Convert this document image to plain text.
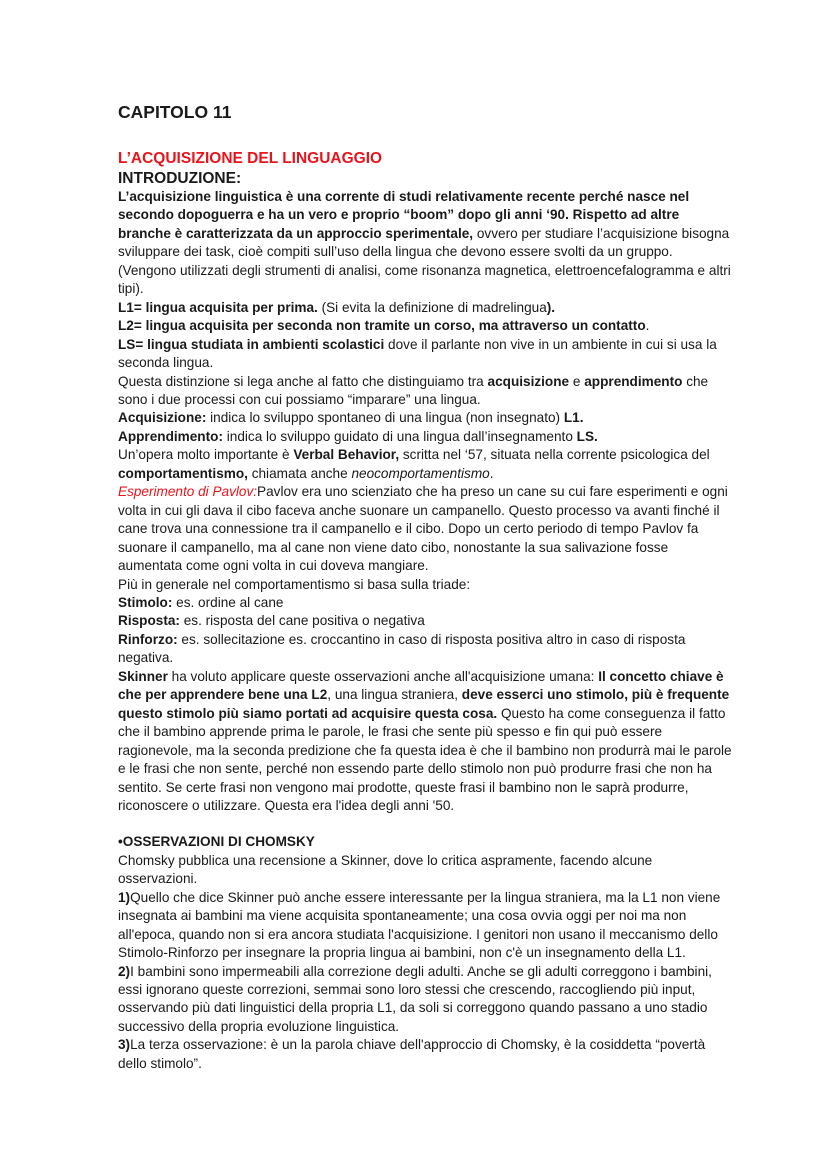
CAPITOLO 11
L’ACQUISIZIONE DEL LINGUAGGIO
INTRODUZIONE:

L’acquisizione linguistica è una corrente di studi relativamente recente perché nasce nel secondo dopoguerra e ha un vero e proprio “boom” dopo gli anni ‘90. Rispetto ad altre branche è caratterizzata da un approccio sperimentale, ovvero per studiare l’acquisizione bisogna sviluppare dei task, cioè compiti sull’uso della lingua che devono essere svolti da un gruppo.

(Vengono utilizzati degli strumenti di analisi, come risonanza magnetica, elettroencefalogramma e altri tipi).

L1= lingua acquisita per prima. (Si evita la definizione di madrelingua).

L2= lingua acquisita per seconda non tramite un corso, ma attraverso un contatto.

LS= lingua studiata in ambienti scolastici dove il parlante non vive in un ambiente in cui si usa la seconda lingua.

Questa distinzione si lega anche al fatto che distinguiamo tra acquisizione e apprendimento che sono i due processi con cui possiamo “imparare” una lingua.

Acquisizione: indica lo sviluppo spontaneo di una lingua (non insegnato) L1.

Apprendimento: indica lo sviluppo guidato di una lingua dall’insegnamento LS.

Un’opera molto importante è Verbal Behavior, scritta nel ‘57, situata nella corrente psicologica del comportamentismo, chiamata anche neocomportamentismo.

Esperimento di Pavlov:Pavlov era uno scienziato che ha preso un cane su cui fare esperimenti e ogni volta in cui gli dava il cibo faceva anche suonare un campanello. Questo processo va avanti finché il cane trova una connessione tra il campanello e il cibo. Dopo un certo periodo di tempo Pavlov fa suonare il campanello, ma al cane non viene dato cibo, nonostante la sua salivazione fosse aumentata come ogni volta in cui doveva mangiare.

Più in generale nel comportamentismo si basa sulla triade:

Stimolo: es. ordine al cane

Risposta: es. risposta del cane positiva o negativa

Rinforzo: es. sollecitazione es. croccantino in caso di risposta positiva altro in caso di risposta negativa.

Skinner ha voluto applicare queste osservazioni anche all'acquisizione umana: Il concetto chiave è che per apprendere bene una L2, una lingua straniera, deve esserci uno stimolo, più è frequente questo stimolo più siamo portati ad acquisire questa cosa. Questo ha come conseguenza il fatto che il bambino apprende prima le parole, le frasi che sente più spesso e fin qui può essere ragionevole, ma la seconda predizione che fa questa idea è che il bambino non produrrà mai le parole e le frasi che non sente, perché non essendo parte dello stimolo non può produrre frasi che non ha sentito. Se certe frasi non vengono mai prodotte, queste frasi il bambino non le saprà produrre, riconoscere o utilizzare. Questa era l'idea degli anni '50.

•OSSERVAZIONI DI CHOMSKY

Chomsky pubblica una recensione a Skinner, dove lo critica aspramente, facendo alcune osservazioni.

1)Quello che dice Skinner può anche essere interessante per la lingua straniera, ma la L1 non viene insegnata ai bambini ma viene acquisita spontaneamente; una cosa ovvia oggi per noi ma non all'epoca, quando non si era ancora studiata l'acquisizione. I genitori non usano il meccanismo dello Stimolo-Rinforzo per insegnare la propria lingua ai bambini, non c'è un insegnamento della L1.

2)I bambini sono impermeabili alla correzione degli adulti. Anche se gli adulti correggono i bambini, essi ignorano queste correzioni, semmai sono loro stessi che crescendo, raccogliendo più input, osservando più dati linguistici della propria L1, da soli si correggono quando passano a uno stadio successivo della propria evoluzione linguistica.

3)La terza osservazione: è un la parola chiave dell'approccio di Chomsky, è la cosiddetta “povertà dello stimolo”.
